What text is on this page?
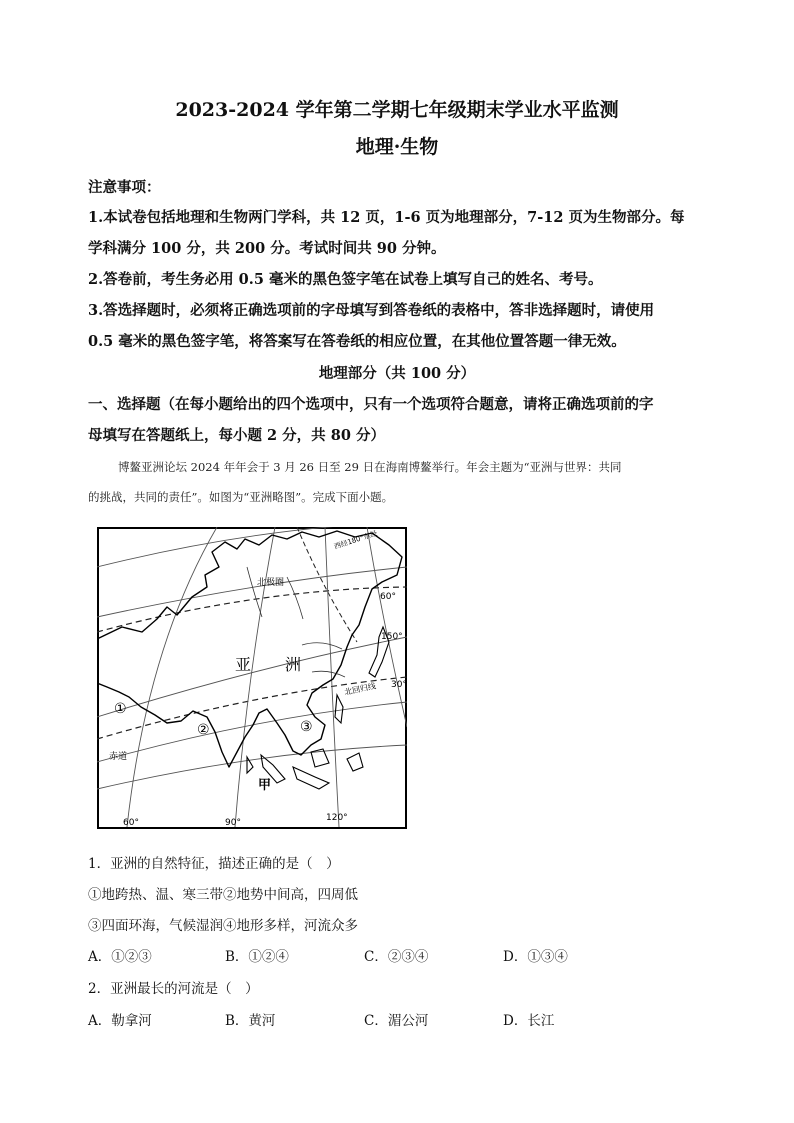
2023-2024 学年第二学期七年级期末学业水平监测
地理·生物
注意事项：
1.本试卷包括地理和生物两门学科，共 12 页，1-6 页为地理部分，7-12 页为生物部分。每
学科满分 100 分，共 200 分。考试时间共 90 分钟。
2.答卷前，考生务必用 0.5 毫米的黑色签字笔在试卷上填写自己的姓名、考号。
3.答选择题时，必须将正确选项前的字母填写到答卷纸的表格中，答非选择题时，请使用
0.5 毫米的黑色签字笔，将答案写在答卷纸的相应位置，在其他位置答题一律无效。
地理部分（共 100 分）
一、选择题（在每小题给出的四个选项中，只有一个选项符合题意，请将正确选项前的字
母填写在答题纸上，每小题 2 分，共 80 分）
博鳌亚洲论坛 2024 年年会于 3 月 26 日至 29 日在海南博鳌举行。年会主题为“亚洲与世界：共同
的挑战，共同的责任”。如图为“亚洲略图”。完成下面小题。
亚 洲
北极圈
北回归线
赤道
西经180°东经
①
②	③
甲
60°	90°	120°
150°
60°
30°
1．亚洲的自然特征，描述正确的是（　）
①地跨热、温、寒三带②地势中间高，四周低
③四面环海，气候湿润④地形多样，河流众多
A．①②③	B．①②④	C．②③④	D．①③④
2．亚洲最长的河流是（　）
A．勒拿河	B．黄河	C．湄公河	D．长江
